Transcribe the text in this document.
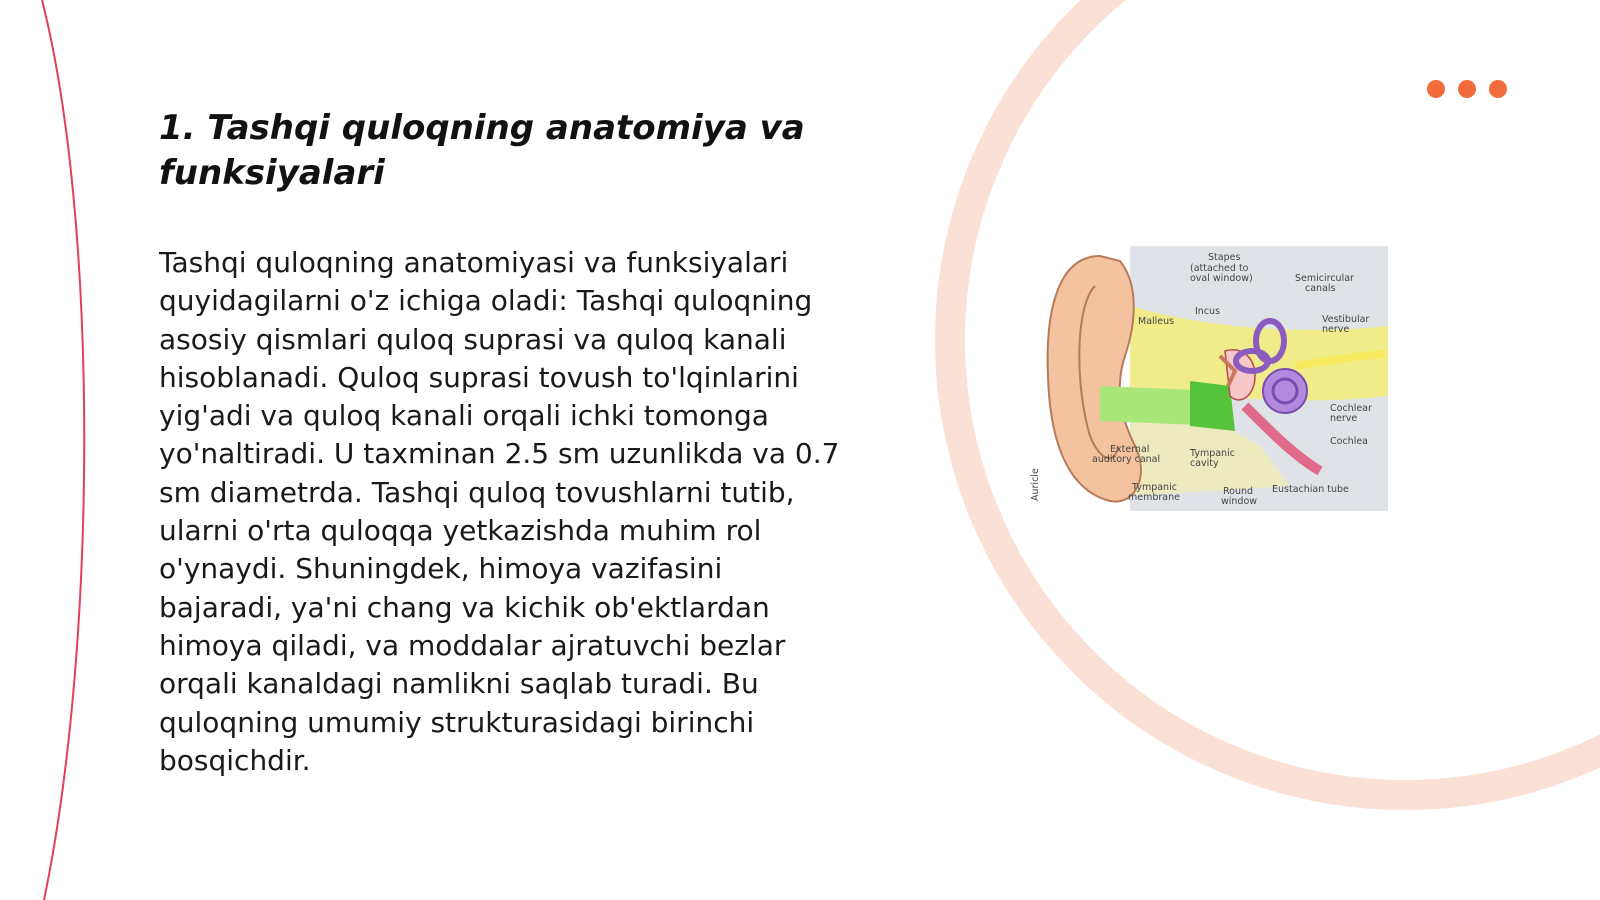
1. Tashqi quloqning anatomiya va funksiyalari

Tashqi quloqning anatomiyasi va funksiyalari quyidagilarni o'z ichiga oladi: Tashqi quloqning asosiy qismlari quloq suprasi va quloq kanali hisoblanadi. Quloq suprasi tovush to'lqinlarini yig'adi va quloq kanali orqali ichki tomonga yo'naltiradi. U taxminan 2.5 sm uzunlikda va 0.7 sm diametrda. Tashqi quloq tovushlarni tutib, ularni o'rta quloqqa yetkazishda muhim rol o'ynaydi. Shuningdek, himoya vazifasini bajaradi, ya'ni chang va kichik ob'ektlardan himoya qiladi, va moddalar ajratuvchi bezlar orqali kanaldagi namlikni saqlab turadi. Bu quloqning umumiy strukturasidagi birinchi bosqichdir.

Stapes
(attached to
oval window)	Semicircular
canals
Incus
Malleus	Vestibular
nerve
Cochlear
nerve
Cochlea
External
auditory canal
Tympanic
cavity
Tympanic
membrane
Round
window
Eustachian tube
Auricle
